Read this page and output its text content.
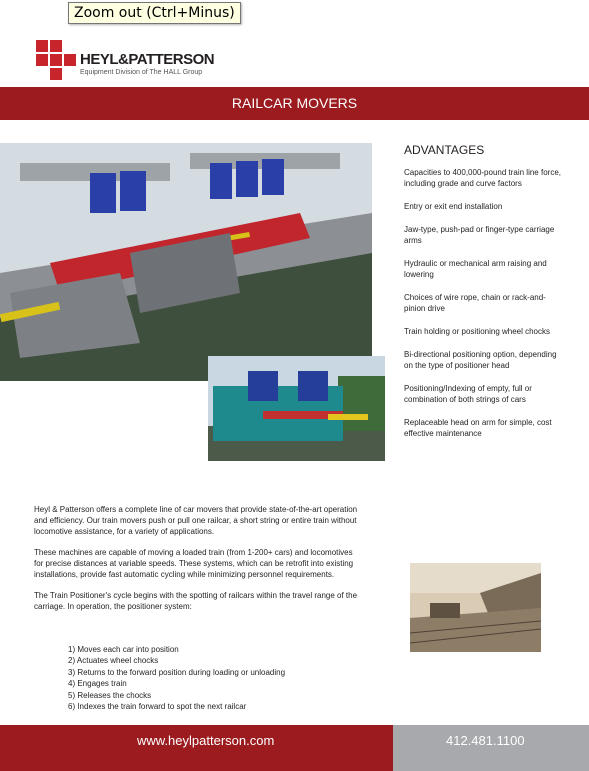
Zoom out (Ctrl+Minus)
HEYL&PATTERSON
Equipment Division of The HALL Group
RAILCAR MOVERS
ADVANTAGES
Capacities to 400,000-pound train line force, including grade and curve factors
Entry or exit end installation
Jaw-type, push-pad or finger-type carriage arms
Hydraulic or mechanical arm raising and lowering
Choices of wire rope, chain or rack-and-pinion drive
Train holding or positioning wheel chocks
Bi-directional positioning option, depending on the type of positioner head
Positioning/Indexing of empty, full or combination of both strings of cars
Replaceable head on arm for simple, cost effective maintenance

Heyl & Patterson offers a complete line of car movers that provide state-of-the-art operation and efficiency. Our train movers push or pull one railcar, a short string or entire train without locomotive assistance, for a variety of applications.

These machines are capable of moving a loaded train (from 1-200+ cars) and locomotives for precise distances at variable speeds. These systems, which can be retrofit into existing installations, provide fast automatic cycling while minimizing personnel requirements.

The Train Positioner's cycle begins with the spotting of railcars within the travel range of the carriage. In operation, the positioner system:

1) Moves each car into position
2) Actuates wheel chocks
3) Returns to the forward position during loading or unloading
4) Engages train
5) Releases the chocks
6) Indexes the train forward to spot the next railcar
www.heylpatterson.com	412.481.1100
